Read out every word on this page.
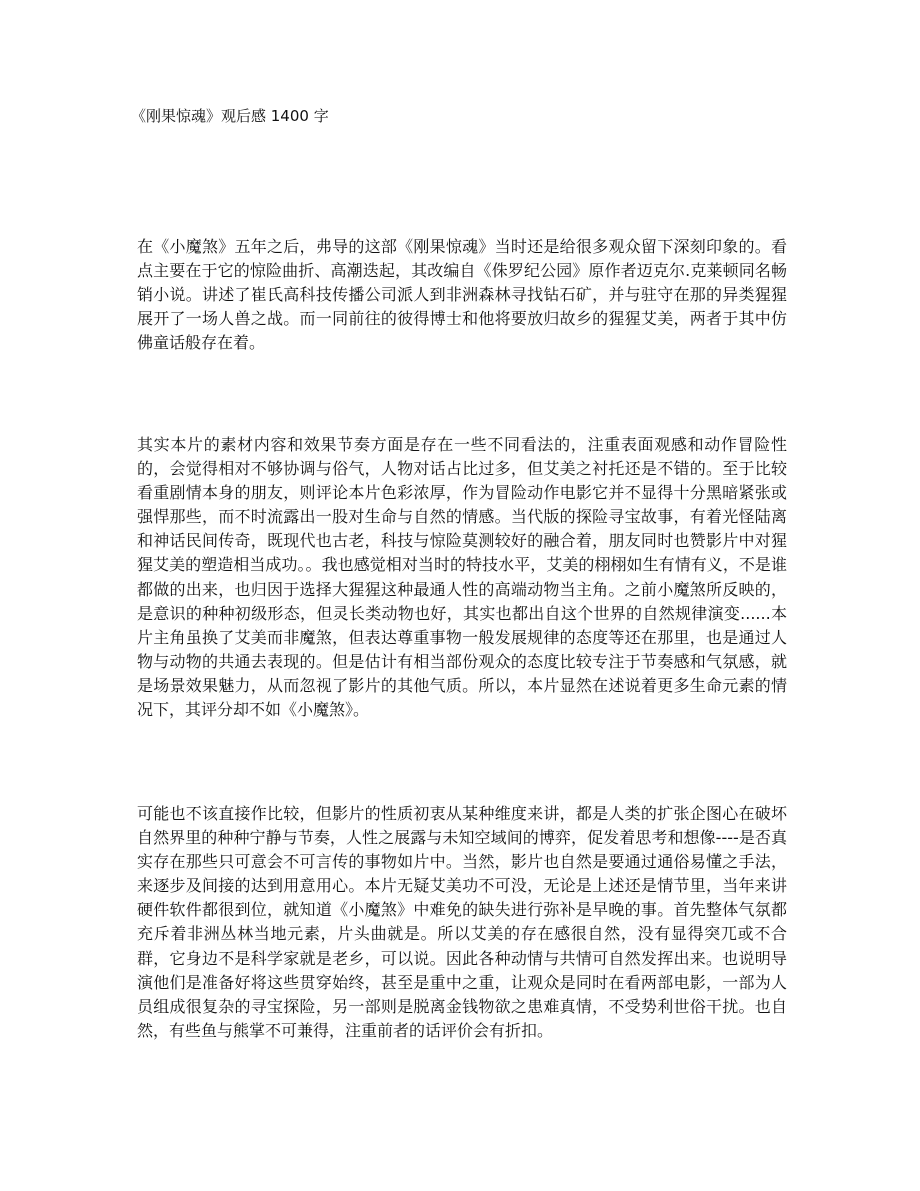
《刚果惊魂》观后感 1400 字

在《小魔煞》五年之后，弗导的这部《刚果惊魂》当时还是给很多观众留下深刻印象的。看点主要在于它的惊险曲折、高潮迭起，其改编自《侏罗纪公园》原作者迈克尔.克莱顿同名畅销小说。讲述了崔氏高科技传播公司派人到非洲森林寻找钻石矿，并与驻守在那的异类猩猩展开了一场人兽之战。而一同前往的彼得博士和他将要放归故乡的猩猩艾美，两者于其中仿佛童话般存在着。

其实本片的素材内容和效果节奏方面是存在一些不同看法的，注重表面观感和动作冒险性的，会觉得相对不够协调与俗气，人物对话占比过多，但艾美之衬托还是不错的。至于比较看重剧情本身的朋友，则评论本片色彩浓厚，作为冒险动作电影它并不显得十分黑暗紧张或强悍那些，而不时流露出一股对生命与自然的情感。当代版的探险寻宝故事，有着光怪陆离和神话民间传奇，既现代也古老，科技与惊险莫测较好的融合着，朋友同时也赞影片中对猩猩艾美的塑造相当成功。。我也感觉相对当时的特技水平，艾美的栩栩如生有情有义，不是谁都做的出来，也归因于选择大猩猩这种最通人性的高端动物当主角。之前小魔煞所反映的，是意识的种种初级形态，但灵长类动物也好，其实也都出自这个世界的自然规律演变......本片主角虽换了艾美而非魔煞，但表达尊重事物一般发展规律的态度等还在那里，也是通过人物与动物的共通去表现的。但是估计有相当部份观众的态度比较专注于节奏感和气氛感，就是场景效果魅力，从而忽视了影片的其他气质。所以，本片显然在述说着更多生命元素的情况下，其评分却不如《小魔煞》。

可能也不该直接作比较，但影片的性质初衷从某种维度来讲，都是人类的扩张企图心在破坏自然界里的种种宁静与节奏，人性之展露与未知空域间的博弈，促发着思考和想像----是否真实存在那些只可意会不可言传的事物如片中。当然，影片也自然是要通过通俗易懂之手法，来逐步及间接的达到用意用心。本片无疑艾美功不可没，无论是上述还是情节里，当年来讲硬件软件都很到位，就知道《小魔煞》中难免的缺失进行弥补是早晚的事。首先整体气氛都充斥着非洲丛林当地元素，片头曲就是。所以艾美的存在感很自然，没有显得突兀或不合群，它身边不是科学家就是老乡，可以说。因此各种动情与共情可自然发挥出来。也说明导演他们是准备好将这些贯穿始终，甚至是重中之重，让观众是同时在看两部电影，一部为人员组成很复杂的寻宝探险，另一部则是脱离金钱物欲之患难真情，不受势利世俗干扰。也自然，有些鱼与熊掌不可兼得，注重前者的话评价会有折扣。
